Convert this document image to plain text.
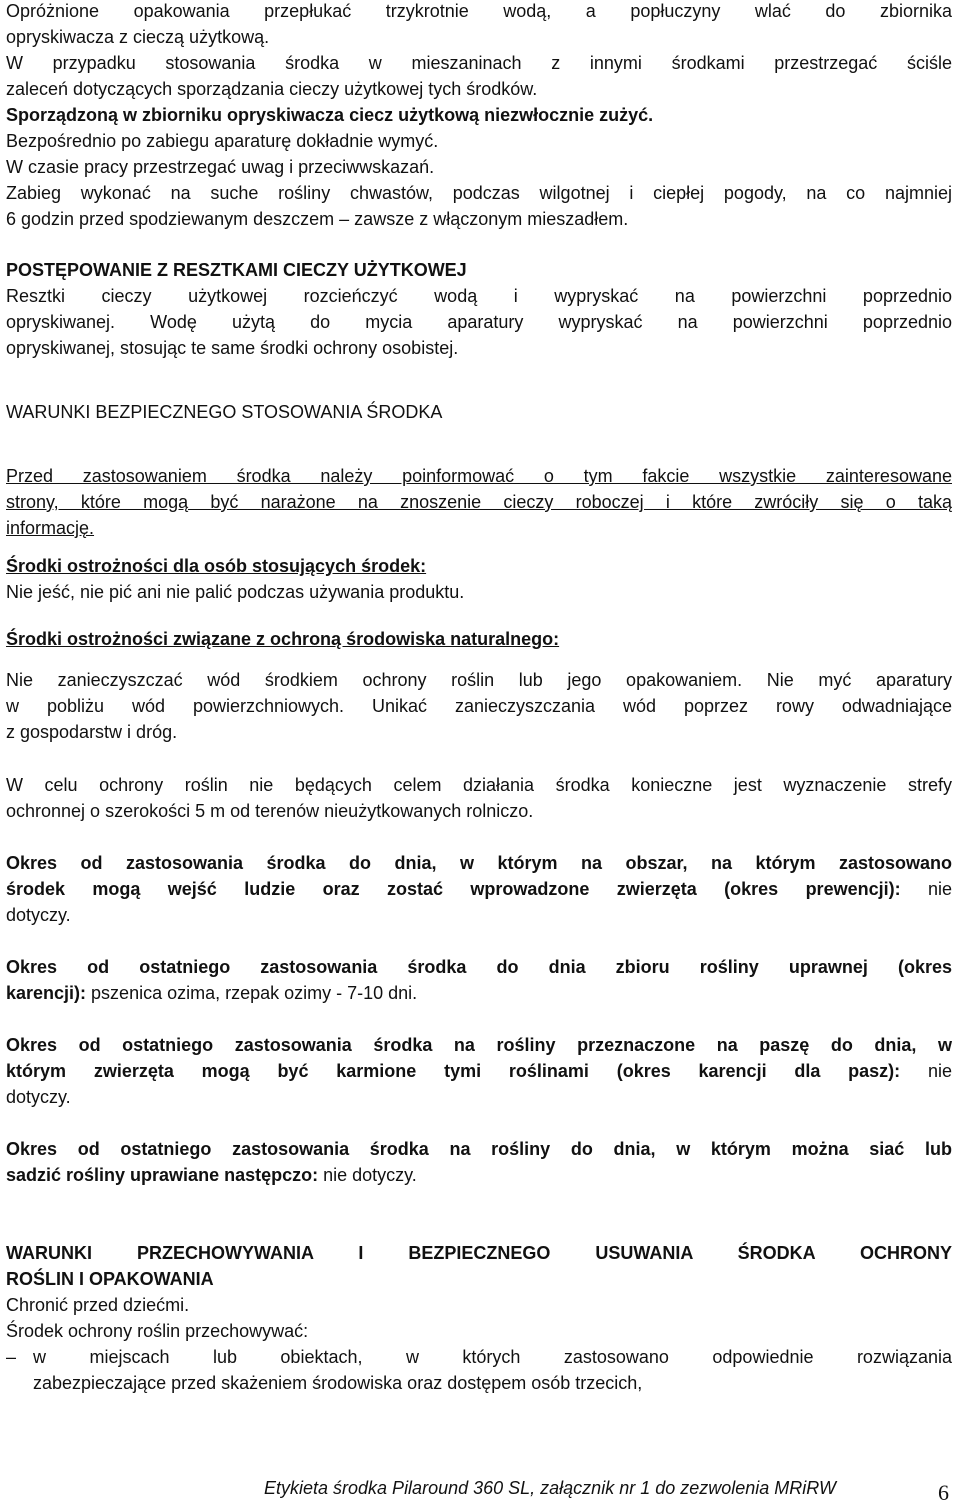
Opróżnione opakowania przepłukać trzykrotnie wodą, a popłuczyny wlać do zbiornika
opryskiwacza z cieczą użytkową.
W przypadku stosowania środka w mieszaninach z innymi środkami przestrzegać ściśle
zaleceń dotyczących sporządzania cieczy użytkowej tych środków.
Sporządzoną w zbiorniku opryskiwacza ciecz użytkową niezwłocznie zużyć.
Bezpośrednio po zabiegu aparaturę dokładnie wymyć.
W czasie pracy przestrzegać uwag i przeciwwskazań.
Zabieg wykonać na suche rośliny chwastów, podczas wilgotnej i ciepłej pogody, na co najmniej
6 godzin przed spodziewanym deszczem – zawsze z włączonym mieszadłem.
POSTĘPOWANIE Z RESZTKAMI CIECZY UŻYTKOWEJ
Resztki cieczy użytkowej rozcieńczyć wodą i wypryskać na powierzchni poprzednio
opryskiwanej. Wodę użytą do mycia aparatury wypryskać na powierzchni poprzednio
opryskiwanej, stosując te same środki ochrony osobistej.
WARUNKI BEZPIECZNEGO STOSOWANIA ŚRODKA
Przed zastosowaniem środka należy poinformować o tym fakcie wszystkie zainteresowane
strony, które mogą być narażone na znoszenie cieczy roboczej i które zwróciły się o taką
informację.
Środki ostrożności dla osób stosujących środek:
Nie jeść, nie pić ani nie palić podczas używania produktu.
Środki ostrożności związane z ochroną środowiska naturalnego:
Nie zanieczyszczać wód środkiem ochrony roślin lub jego opakowaniem. Nie myć aparatury
w pobliżu wód powierzchniowych. Unikać zanieczyszczania wód poprzez rowy odwadniające
z gospodarstw i dróg.
W celu ochrony roślin nie będących celem działania środka konieczne jest wyznaczenie strefy
ochronnej o szerokości 5 m od terenów nieużytkowanych rolniczo.
Okres od zastosowania środka do dnia, w którym na obszar, na którym zastosowano
środek mogą wejść ludzie oraz zostać wprowadzone zwierzęta (okres prewencji): nie
dotyczy.
Okres od ostatniego zastosowania środka do dnia zbioru rośliny uprawnej (okres
karencji): pszenica ozima, rzepak ozimy - 7-10 dni.
Okres od ostatniego zastosowania środka na rośliny przeznaczone na paszę do dnia, w
którym zwierzęta mogą być karmione tymi roślinami (okres karencji dla pasz): nie
dotyczy.
Okres od ostatniego zastosowania środka na rośliny do dnia, w którym można siać lub
sadzić rośliny uprawiane następczo: nie dotyczy.
WARUNKI PRZECHOWYWANIA I BEZPIECZNEGO USUWANIA ŚRODKA OCHRONY
ROŚLIN I OPAKOWANIA
Chronić przed dziećmi.
Środek ochrony roślin przechowywać:
– w miejscach lub obiektach, w których zastosowano odpowiednie rozwiązania
zabezpieczające przed skażeniem środowiska oraz dostępem osób trzecich,
Etykieta środka Pilaround 360 SL, załącznik nr 1 do zezwolenia MRiRW	6
